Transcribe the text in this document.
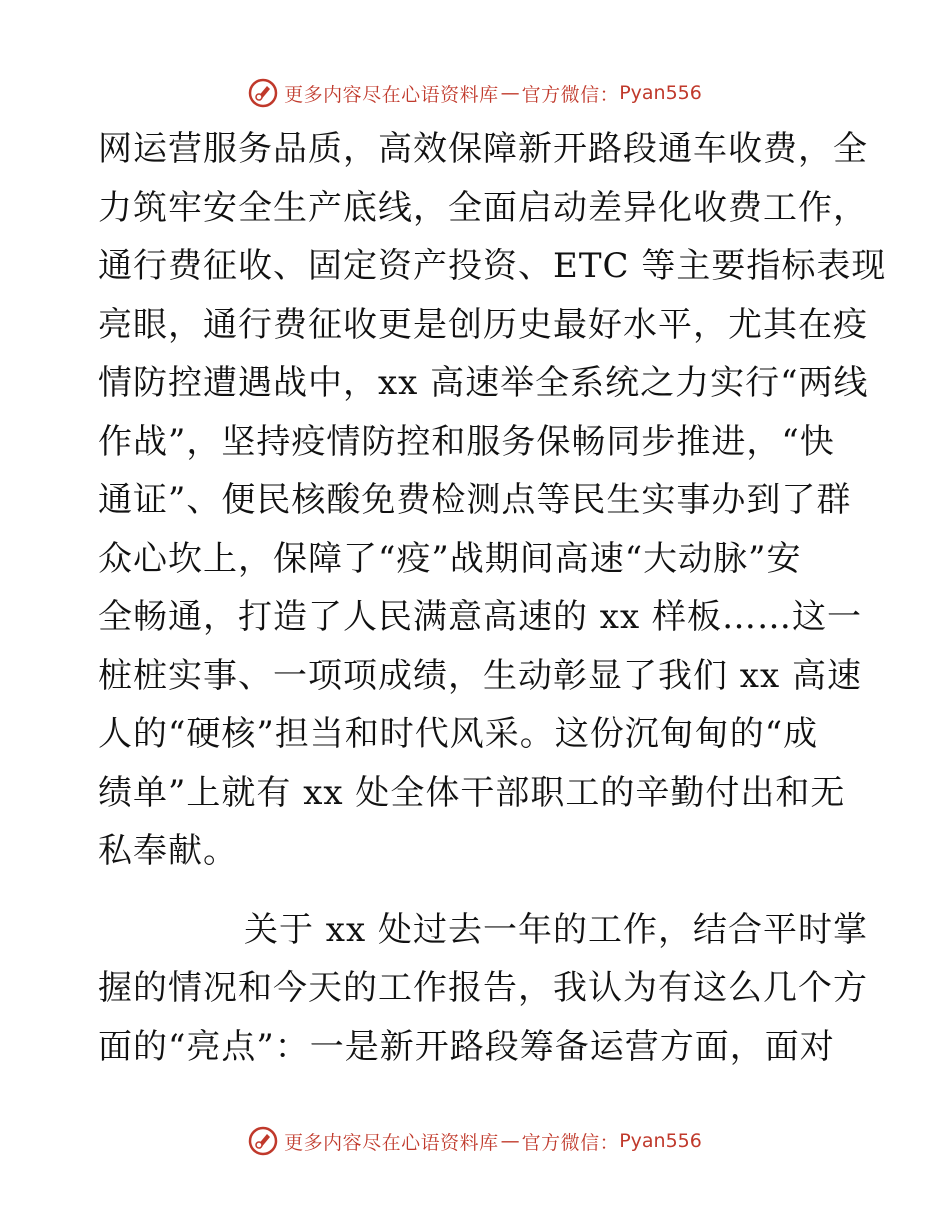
更多内容尽在心语资料库 — 官方微信： Pyan556

网运营服务品质，高效保障新开路段通车收费，全
力筑牢安全生产底线，全面启动差异化收费工作，
通行费征收、固定资产投资、ETC 等主要指标表现
亮眼，通行费征收更是创历史最好水平，尤其在疫
情防控遭遇战中，xx 高速举全系统之力实行“两线
作战”，坚持疫情防控和服务保畅同步推进，“快
通证”、便民核酸免费检测点等民生实事办到了群
众心坎上，保障了“疫”战期间高速“大动脉”安
全畅通，打造了人民满意高速的 xx 样板……这一
桩桩实事、一项项成绩，生动彰显了我们 xx 高速
人的“硬核”担当和时代风采。这份沉甸甸的“成
绩单”上就有 xx 处全体干部职工的辛勤付出和无
私奉献。

关于 xx 处过去一年的工作，结合平时掌
握的情况和今天的工作报告，我认为有这么几个方
面的“亮点”：一是新开路段筹备运营方面，面对

更多内容尽在心语资料库 — 官方微信： Pyan556
